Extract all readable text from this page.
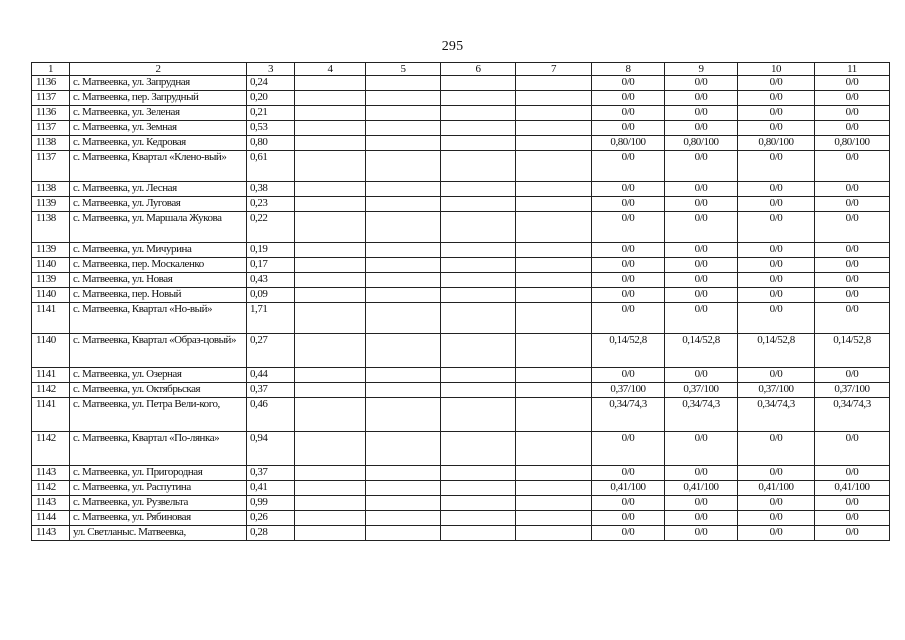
295
1	2	3	4	5	6	7	8	9	10	11
1136	с. Матвеевка, ул. Запрудная	0,24					0/0	0/0	0/0	0/0
1137	с. Матвеевка, пер. Запрудный	0,20					0/0	0/0	0/0	0/0
1136	с. Матвеевка, ул. Зеленая	0,21					0/0	0/0	0/0	0/0
1137	с. Матвеевка, ул. Земная	0,53					0/0	0/0	0/0	0/0
1138	с. Матвеевка, ул. Кедровая	0,80					0,80/100	0,80/100	0,80/100	0,80/100
1137	с. Матвеевка, Квартал «Клено-вый»	0,61					0/0	0/0	0/0	0/0
1138	с. Матвеевка, ул. Лесная	0,38					0/0	0/0	0/0	0/0
1139	с. Матвеевка, ул. Луговая	0,23					0/0	0/0	0/0	0/0
1138	с. Матвеевка, ул. Маршала Жукова	0,22					0/0	0/0	0/0	0/0
1139	с. Матвеевка, ул. Мичурина	0,19					0/0	0/0	0/0	0/0
1140	с. Матвеевка, пер. Москаленко	0,17					0/0	0/0	0/0	0/0
1139	с. Матвеевка, ул. Новая	0,43					0/0	0/0	0/0	0/0
1140	с. Матвеевка, пер. Новый	0,09					0/0	0/0	0/0	0/0
1141	с. Матвеевка, Квартал «Но-вый»	1,71					0/0	0/0	0/0	0/0
1140	с. Матвеевка, Квартал «Образ-цовый»	0,27					0,14/52,8	0,14/52,8	0,14/52,8	0,14/52,8
1141	с. Матвеевка, ул. Озерная	0,44					0/0	0/0	0/0	0/0
1142	с. Матвеевка, ул. Октябрьская	0,37					0,37/100	0,37/100	0,37/100	0,37/100
1141	с. Матвеевка, ул. Петра Вели-кого,	0,46					0,34/74,3	0,34/74,3	0,34/74,3	0,34/74,3
1142	с. Матвеевка, Квартал «По-лянка»	0,94					0/0	0/0	0/0	0/0
1143	с. Матвеевка, ул. Пригородная	0,37					0/0	0/0	0/0	0/0
1142	с. Матвеевка, ул. Распутина	0,41					0,41/100	0,41/100	0,41/100	0,41/100
1143	с. Матвеевка, ул. Рузвельта	0,99					0/0	0/0	0/0	0/0
1144	с. Матвеевка, ул. Рябиновая	0,26					0/0	0/0	0/0	0/0
1143	ул. Светланыс. Матвеевка,	0,28					0/0	0/0	0/0	0/0
